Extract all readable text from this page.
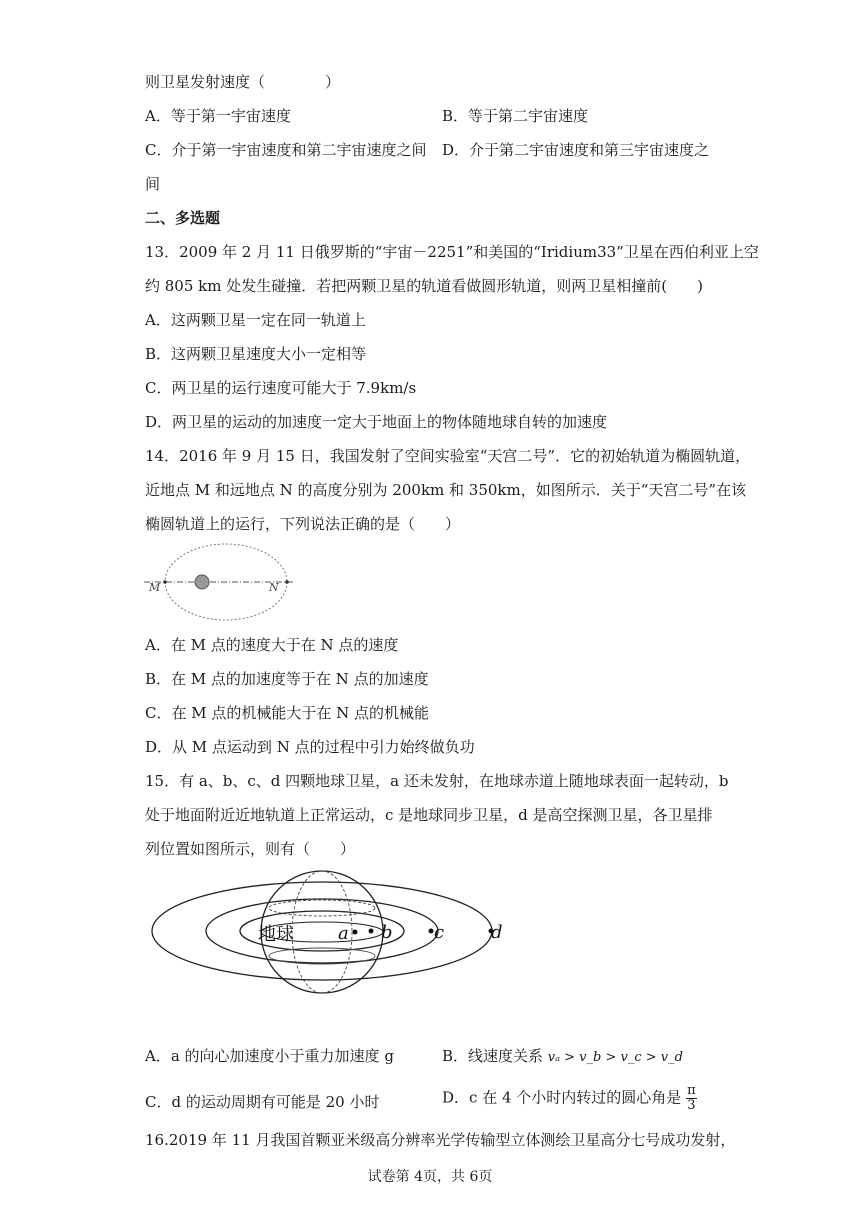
则卫星发射速度（　　　　）
A．等于第一宇宙速度	B．等于第二宇宙速度
C．介于第一宇宙速度和第二宇宙速度之间 D．介于第二宇宙速度和第三宇宙速度之
间
二、多选题
13．2009 年 2 月 11 日俄罗斯的“宇宙－2251”和美国的“Iridium33”卫星在西伯利亚上空
约 805 km 处发生碰撞．若把两颗卫星的轨道看做圆形轨道，则两卫星相撞前(　　)
A．这两颗卫星一定在同一轨道上
B．这两颗卫星速度大小一定相等
C．两卫星的运行速度可能大于 7.9km/s
D．两卫星的运动的加速度一定大于地面上的物体随地球自转的加速度
14．2016 年 9 月 15 日，我国发射了空间实验室“天宫二号”．它的初始轨道为椭圆轨道，
近地点 M 和远地点 N 的高度分别为 200km 和 350km，如图所示．关于“天宫二号”在该
椭圆轨道上的运行，下列说法正确的是（　　）
M	N
A．在 M 点的速度大于在 N 点的速度
B．在 M 点的加速度等于在 N 点的加速度
C．在 M 点的机械能大于在 N 点的机械能
D．从 M 点运动到 N 点的过程中引力始终做负功
15．有 a、b、c、d 四颗地球卫星，a 还未发射，在地球赤道上随地球表面一起转动，b
处于地面附近近地轨道上正常运动，c 是地球同步卫星，d 是高空探测卫星，各卫星排
列位置如图所示，则有（　　）
地球 a b c	d
A．a 的向心加速度小于重力加速度 g	B．线速度关系 vₐ > v_b > v_c > v_d
C．d 的运动周期有可能是 20 小时	D．c 在 4 个小时内转过的圆心角是 $\frac{\pi}{3}$
16.2019 年 11 月我国首颗亚米级高分辨率光学传输型立体测绘卫星高分七号成功发射，
试卷第 4页，共 6页
